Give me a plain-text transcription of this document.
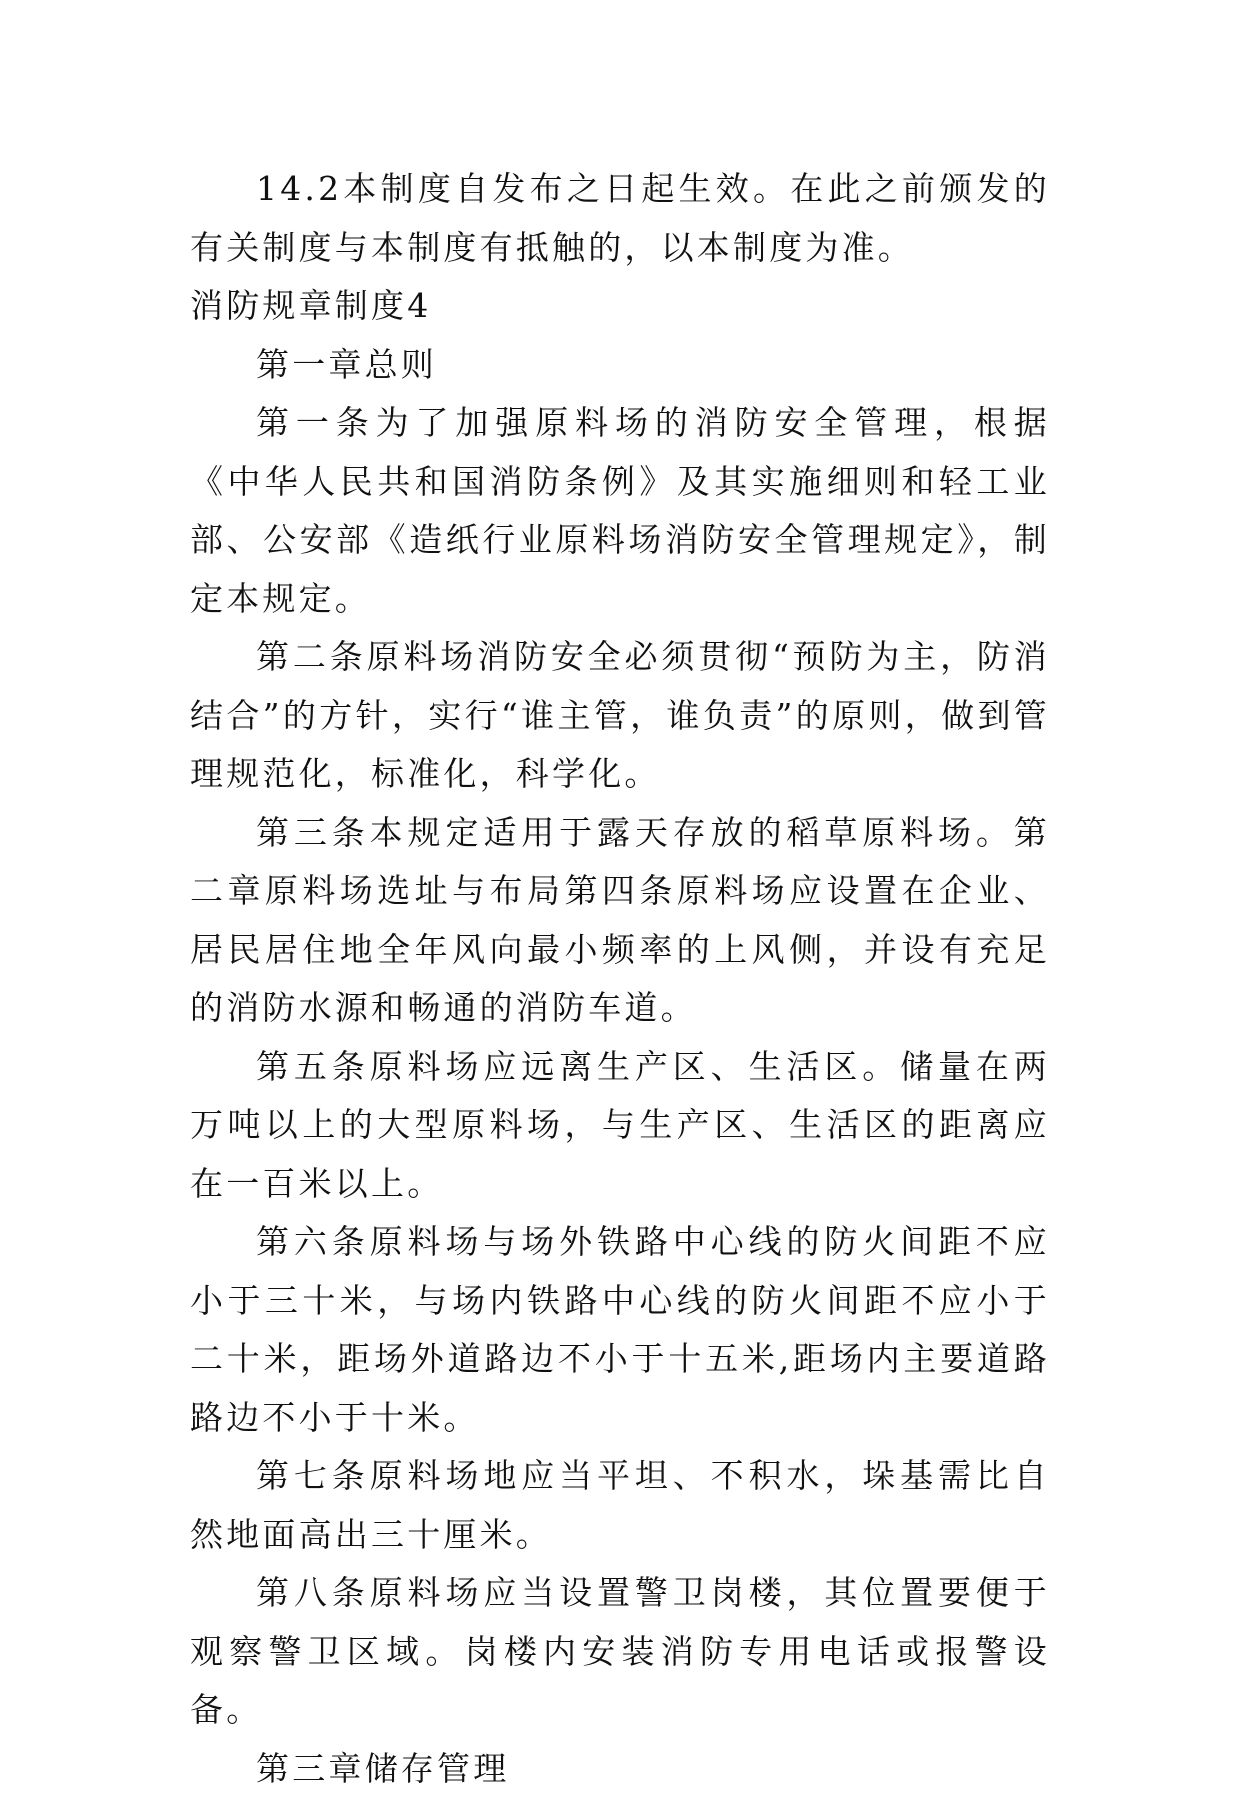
14.2本制度自发布之日起生效。在此之前颁发的有关制度与本制度有抵触的，以本制度为准。

消防规章制度4

第一章总则

第一条为了加强原料场的消防安全管理，根据《中华人民共和国消防条例》及其实施细则和轻工业部、公安部《造纸行业原料场消防安全管理规定》，制定本规定。

第二条原料场消防安全必须贯彻“预防为主，防消结合”的方针，实行“谁主管，谁负责”的原则，做到管理规范化，标准化，科学化。

第三条本规定适用于露天存放的稻草原料场。第二章原料场选址与布局第四条原料场应设置在企业、居民居住地全年风向最小频率的上风侧，并设有充足的消防水源和畅通的消防车道。

第五条原料场应远离生产区、生活区。储量在两万吨以上的大型原料场，与生产区、生活区的距离应在一百米以上。

第六条原料场与场外铁路中心线的防火间距不应小于三十米，与场内铁路中心线的防火间距不应小于二十米，距场外道路边不小于十五米,距场内主要道路路边不小于十米。

第七条原料场地应当平坦、不积水，垛基需比自然地面高出三十厘米。

第八条原料场应当设置警卫岗楼，其位置要便于观察警卫区域。岗楼内安装消防专用电话或报警设备。

第三章储存管理
